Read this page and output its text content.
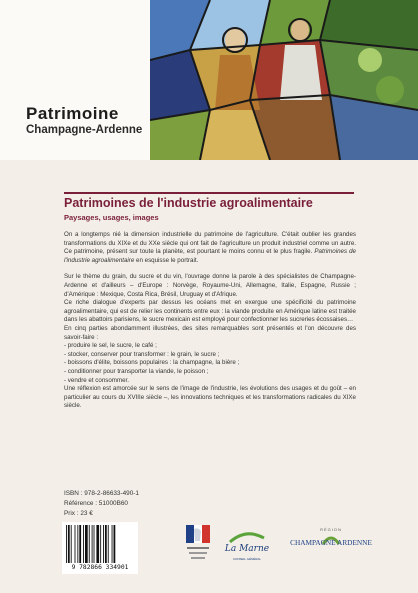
Patrimoine
Champagne-Ardenne
Patrimoines de l'industrie agroalimentaire
Paysages, usages, images

On a longtemps nié la dimension industrielle du patrimoine de l'agriculture. C'était oublier les grandes transformations du XIXe et du XXe siècle qui ont fait de l'agriculture un produit industriel comme un autre. Ce patrimoine, présent sur toute la planète, est pourtant le moins connu et le plus fragile. Patrimoines de l'industrie agroalimentaire en esquisse le portrait.

Sur le thème du grain, du sucre et du vin, l'ouvrage donne la parole à des spécialistes de Champagne-Ardenne et d'ailleurs – d'Europe : Norvège, Royaume-Uni, Allemagne, Italie, Espagne, Russie ; d'Amérique : Mexique, Costa Rica, Brésil, Uruguay et d'Afrique.

Ce riche dialogue d'experts par dessus les océans met en exergue une spécificité du patrimoine agroalimentaire, qui est de relier les continents entre eux : la viande produite en Amérique latine est traitée dans les abattoirs parisiens, le sucre mexicain est employé pour confectionner les sucreries écossaises…

En cinq parties abondamment illustrées, des sites remarquables sont présentés et l'on découvre des savoir-faire :

- produire le sel, le sucre, le café ;
- stocker, conserver pour transformer : le grain, le sucre ;
- boissons d'élite, boissons populaires : la champagne, la bière ;
- conditionner pour transporter la viande, le poisson ;
- vendre et consommer.

Une réflexion est amorcée sur le sens de l'image de l'industrie, les évolutions des usages et du goût – en particulier au cours du XVIIIe siècle –, les innovations techniques et les transformations radicales du XIXe siècle.

ISBN : 978-2-86633-490-1
Référence : 51000B60
Prix : 23 €
9 782866 334901
La Marne
CONSEIL GÉNÉRAL
RÉGION
CHAMPAGNE ARDENNE
